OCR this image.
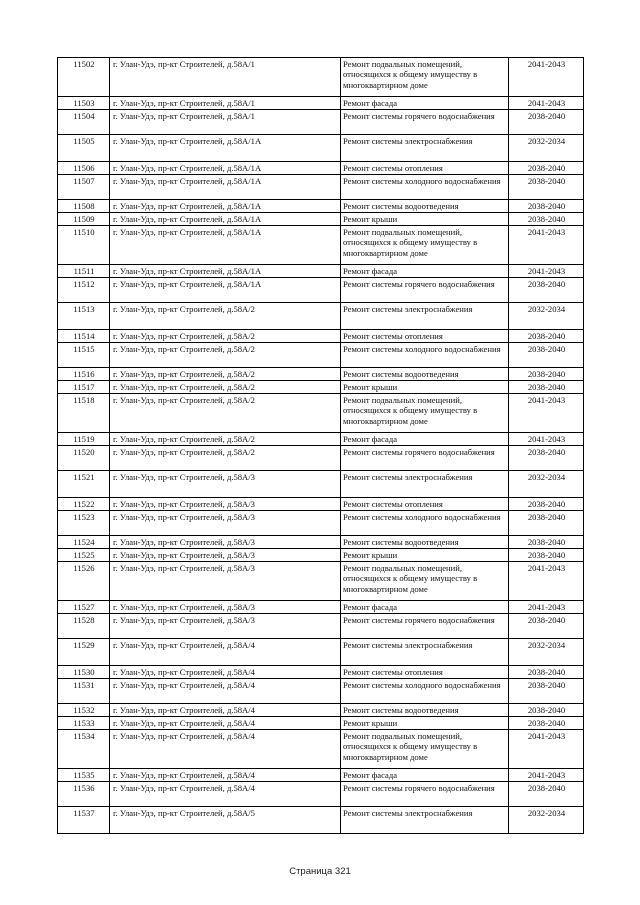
11502	г. Улан-Удэ, пр-кт Строителей, д.58А/1	Ремонт подвальных помещений, относящихся к общему имуществу в многоквартирном доме	2041-2043
11503	г. Улан-Удэ, пр-кт Строителей, д.58А/1	Ремонт фасада	2041-2043
11504	г. Улан-Удэ, пр-кт Строителей, д.58А/1	Ремонт системы горячего водоснабжения	2038-2040
11505	г. Улан-Удэ, пр-кт Строителей, д.58А/1А	Ремонт системы электроснабжения	2032-2034
11506	г. Улан-Удэ, пр-кт Строителей, д.58А/1А	Ремонт системы отопления	2038-2040
11507	г. Улан-Удэ, пр-кт Строителей, д.58А/1А	Ремонт системы холодного водоснабжения	2038-2040
11508	г. Улан-Удэ, пр-кт Строителей, д.58А/1А	Ремонт системы водоотведения	2038-2040
11509	г. Улан-Удэ, пр-кт Строителей, д.58А/1А	Ремонт крыши	2038-2040
11510	г. Улан-Удэ, пр-кт Строителей, д.58А/1А	Ремонт подвальных помещений, относящихся к общему имуществу в многоквартирном доме	2041-2043
11511	г. Улан-Удэ, пр-кт Строителей, д.58А/1А	Ремонт фасада	2041-2043
11512	г. Улан-Удэ, пр-кт Строителей, д.58А/1А	Ремонт системы горячего водоснабжения	2038-2040
11513	г. Улан-Удэ, пр-кт Строителей, д.58А/2	Ремонт системы электроснабжения	2032-2034
11514	г. Улан-Удэ, пр-кт Строителей, д.58А/2	Ремонт системы отопления	2038-2040
11515	г. Улан-Удэ, пр-кт Строителей, д.58А/2	Ремонт системы холодного водоснабжения	2038-2040
11516	г. Улан-Удэ, пр-кт Строителей, д.58А/2	Ремонт системы водоотведения	2038-2040
11517	г. Улан-Удэ, пр-кт Строителей, д.58А/2	Ремонт крыши	2038-2040
11518	г. Улан-Удэ, пр-кт Строителей, д.58А/2	Ремонт подвальных помещений, относящихся к общему имуществу в многоквартирном доме	2041-2043
11519	г. Улан-Удэ, пр-кт Строителей, д.58А/2	Ремонт фасада	2041-2043
11520	г. Улан-Удэ, пр-кт Строителей, д.58А/2	Ремонт системы горячего водоснабжения	2038-2040
11521	г. Улан-Удэ, пр-кт Строителей, д.58А/3	Ремонт системы электроснабжения	2032-2034
11522	г. Улан-Удэ, пр-кт Строителей, д.58А/3	Ремонт системы отопления	2038-2040
11523	г. Улан-Удэ, пр-кт Строителей, д.58А/3	Ремонт системы холодного водоснабжения	2038-2040
11524	г. Улан-Удэ, пр-кт Строителей, д.58А/3	Ремонт системы водоотведения	2038-2040
11525	г. Улан-Удэ, пр-кт Строителей, д.58А/3	Ремонт крыши	2038-2040
11526	г. Улан-Удэ, пр-кт Строителей, д.58А/3	Ремонт подвальных помещений, относящихся к общему имуществу в многоквартирном доме	2041-2043
11527	г. Улан-Удэ, пр-кт Строителей, д.58А/3	Ремонт фасада	2041-2043
11528	г. Улан-Удэ, пр-кт Строителей, д.58А/3	Ремонт системы горячего водоснабжения	2038-2040
11529	г. Улан-Удэ, пр-кт Строителей, д.58А/4	Ремонт системы электроснабжения	2032-2034
11530	г. Улан-Удэ, пр-кт Строителей, д.58А/4	Ремонт системы отопления	2038-2040
11531	г. Улан-Удэ, пр-кт Строителей, д.58А/4	Ремонт системы холодного водоснабжения	2038-2040
11532	г. Улан-Удэ, пр-кт Строителей, д.58А/4	Ремонт системы водоотведения	2038-2040
11533	г. Улан-Удэ, пр-кт Строителей, д.58А/4	Ремонт крыши	2038-2040
11534	г. Улан-Удэ, пр-кт Строителей, д.58А/4	Ремонт подвальных помещений, относящихся к общему имуществу в многоквартирном доме	2041-2043
11535	г. Улан-Удэ, пр-кт Строителей, д.58А/4	Ремонт фасада	2041-2043
11536	г. Улан-Удэ, пр-кт Строителей, д.58А/4	Ремонт системы горячего водоснабжения	2038-2040
11537	г. Улан-Удэ, пр-кт Строителей, д.58А/5	Ремонт системы электроснабжения	2032-2034
Страница 321
